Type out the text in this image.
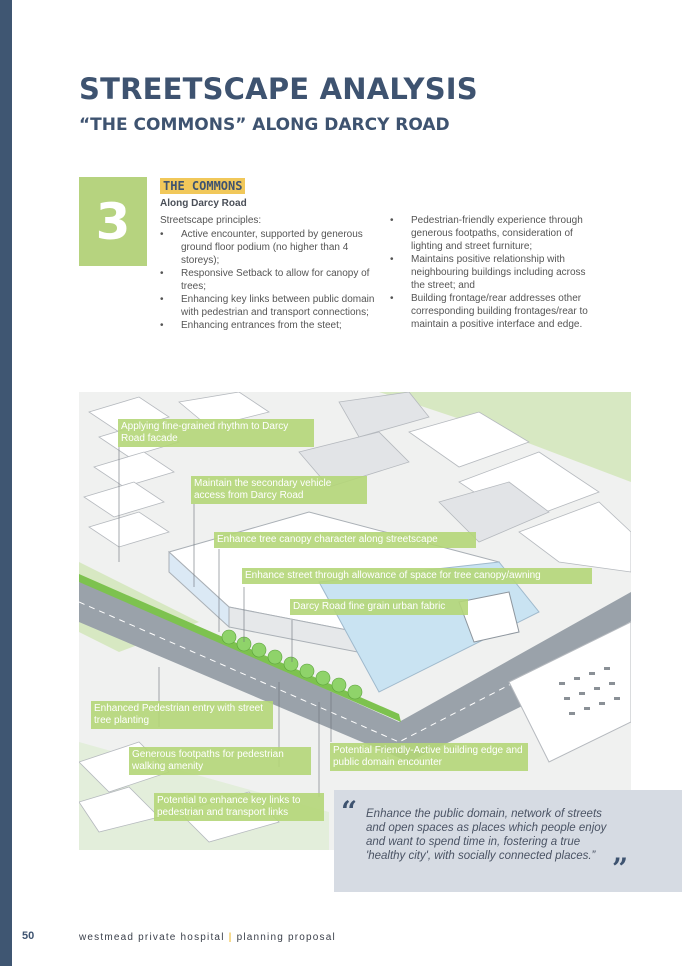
STREETSCAPE ANALYSIS
“THE COMMONS” ALONG DARCY ROAD
3
THE COMMONS
Along Darcy Road
Streetscape principles:
• Active encounter, supported by generous ground floor podium (no higher than 4 storeys);
• Responsive Setback to allow for canopy of trees;
• Enhancing key links between public domain with pedestrian and transport connections;
• Enhancing entrances from the steet;
• Pedestrian-friendly experience through generous footpaths, consideration of lighting and street furniture;
• Maintains positive relationship with neighbouring buildings including across the street; and
• Building frontage/rear addresses other corresponding building frontages/rear to maintain a positive interface and edge.
Applying fine-grained rhythm to Darcy Road facade
Maintain the secondary vehicle access from Darcy Road
Enhance tree canopy character along streetscape
Enhance street through allowance of space for tree canopy/awning
Darcy Road fine grain urban fabric
Enhanced Pedestrian entry with street tree planting
Generous footpaths for pedestrian walking amenity
Potential Friendly-Active building edge and public domain encounter
Potential to enhance key links to pedestrian and transport links	“ Enhance the public domain, network of streets and open spaces as places which people enjoy and want to spend time in, fostering a true 'healthy city', with socially connected places.” ”
50	westmead private hospital | planning proposal
